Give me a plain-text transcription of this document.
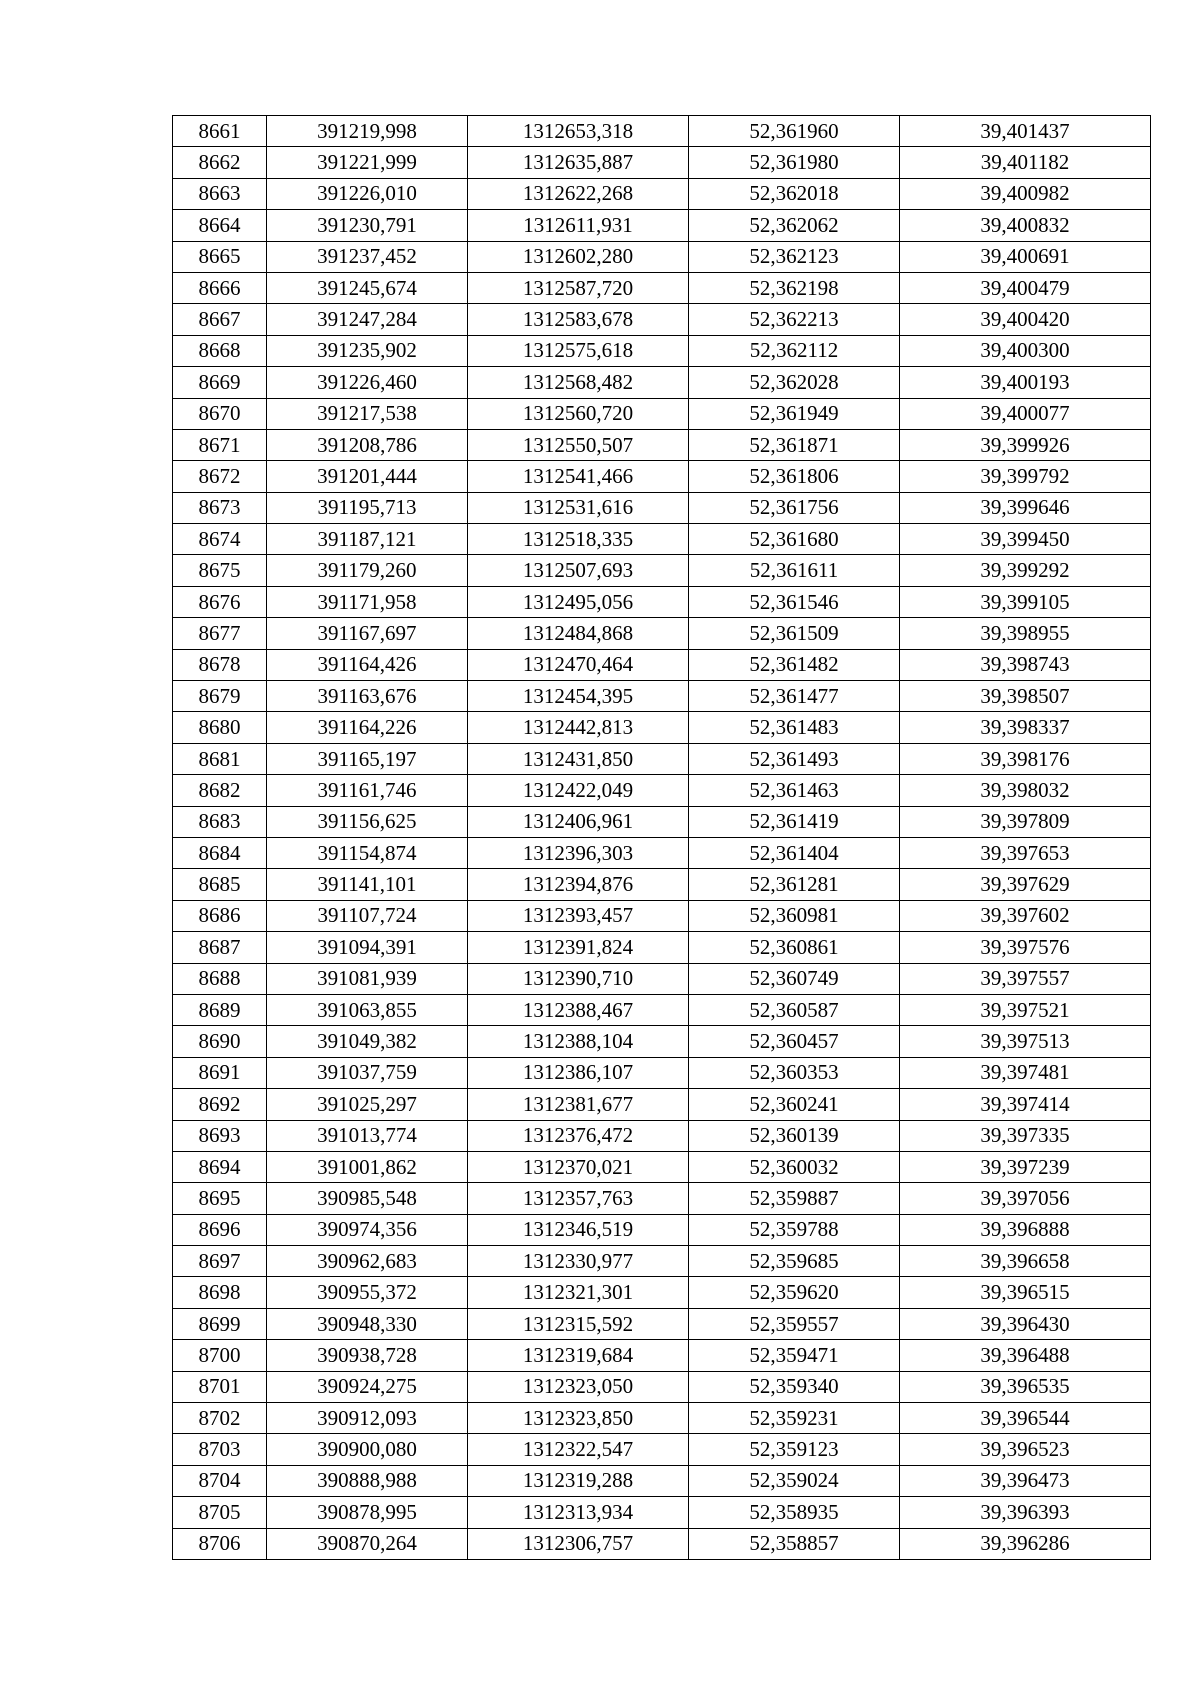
8661	391219,998	1312653,318	52,361960	39,401437
8662	391221,999	1312635,887	52,361980	39,401182
8663	391226,010	1312622,268	52,362018	39,400982
8664	391230,791	1312611,931	52,362062	39,400832
8665	391237,452	1312602,280	52,362123	39,400691
8666	391245,674	1312587,720	52,362198	39,400479
8667	391247,284	1312583,678	52,362213	39,400420
8668	391235,902	1312575,618	52,362112	39,400300
8669	391226,460	1312568,482	52,362028	39,400193
8670	391217,538	1312560,720	52,361949	39,400077
8671	391208,786	1312550,507	52,361871	39,399926
8672	391201,444	1312541,466	52,361806	39,399792
8673	391195,713	1312531,616	52,361756	39,399646
8674	391187,121	1312518,335	52,361680	39,399450
8675	391179,260	1312507,693	52,361611	39,399292
8676	391171,958	1312495,056	52,361546	39,399105
8677	391167,697	1312484,868	52,361509	39,398955
8678	391164,426	1312470,464	52,361482	39,398743
8679	391163,676	1312454,395	52,361477	39,398507
8680	391164,226	1312442,813	52,361483	39,398337
8681	391165,197	1312431,850	52,361493	39,398176
8682	391161,746	1312422,049	52,361463	39,398032
8683	391156,625	1312406,961	52,361419	39,397809
8684	391154,874	1312396,303	52,361404	39,397653
8685	391141,101	1312394,876	52,361281	39,397629
8686	391107,724	1312393,457	52,360981	39,397602
8687	391094,391	1312391,824	52,360861	39,397576
8688	391081,939	1312390,710	52,360749	39,397557
8689	391063,855	1312388,467	52,360587	39,397521
8690	391049,382	1312388,104	52,360457	39,397513
8691	391037,759	1312386,107	52,360353	39,397481
8692	391025,297	1312381,677	52,360241	39,397414
8693	391013,774	1312376,472	52,360139	39,397335
8694	391001,862	1312370,021	52,360032	39,397239
8695	390985,548	1312357,763	52,359887	39,397056
8696	390974,356	1312346,519	52,359788	39,396888
8697	390962,683	1312330,977	52,359685	39,396658
8698	390955,372	1312321,301	52,359620	39,396515
8699	390948,330	1312315,592	52,359557	39,396430
8700	390938,728	1312319,684	52,359471	39,396488
8701	390924,275	1312323,050	52,359340	39,396535
8702	390912,093	1312323,850	52,359231	39,396544
8703	390900,080	1312322,547	52,359123	39,396523
8704	390888,988	1312319,288	52,359024	39,396473
8705	390878,995	1312313,934	52,358935	39,396393
8706	390870,264	1312306,757	52,358857	39,396286
